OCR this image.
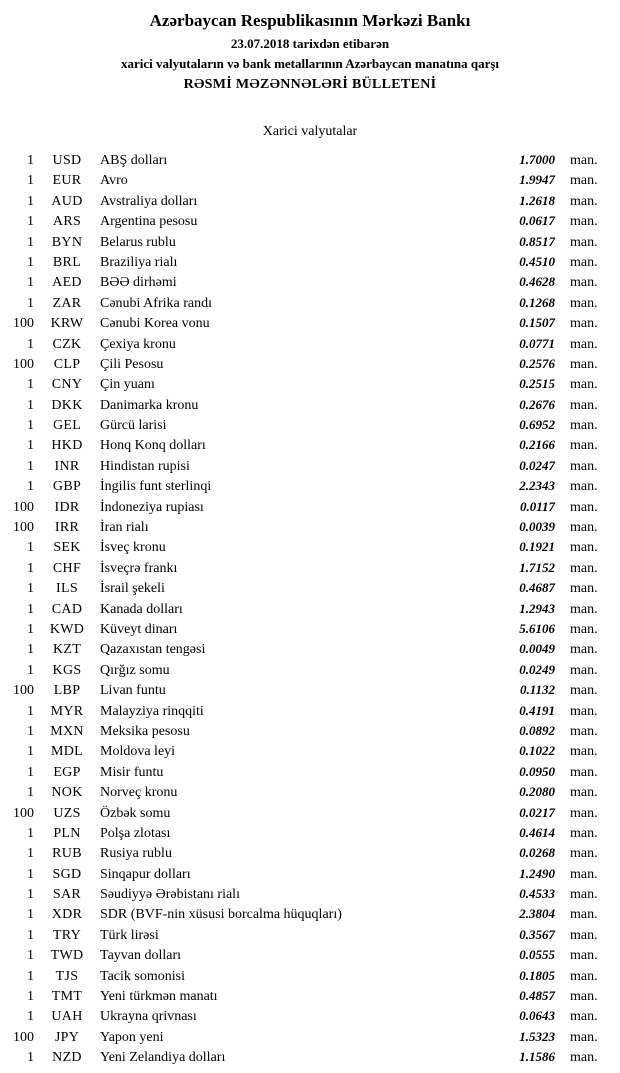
Azərbaycan Respublikasının Mərkəzi Bankı
23.07.2018 tarixdən etibarən
xarici valyutaların və bank metallarının Azərbaycan manatına qarşı
RƏSMİ MƏZƏNNƏLƏRİ BÜLLETENİ
Xarici valyutalar
1	USD	ABŞ dolları	1.7000	man.
1	EUR	Avro	1.9947	man.
1	AUD	Avstraliya dolları	1.2618	man.
1	ARS	Argentina pesosu	0.0617	man.
1	BYN	Belarus rublu	0.8517	man.
1	BRL	Braziliya rialı	0.4510	man.
1	AED	BƏƏ dirhəmi	0.4628	man.
1	ZAR	Cənubi Afrika randı	0.1268	man.
100	KRW	Cənubi Korea vonu	0.1507	man.
1	CZK	Çexiya kronu	0.0771	man.
100	CLP	Çili Pesosu	0.2576	man.
1	CNY	Çin yuanı	0.2515	man.
1	DKK	Danimarka kronu	0.2676	man.
1	GEL	Gürcü larisi	0.6952	man.
1	HKD	Honq Konq dolları	0.2166	man.
1	INR	Hindistan rupisi	0.0247	man.
1	GBP	İngilis funt sterlinqi	2.2343	man.
100	IDR	İndoneziya rupiası	0.0117	man.
100	IRR	İran rialı	0.0039	man.
1	SEK	İsveç kronu	0.1921	man.
1	CHF	İsveçrə frankı	1.7152	man.
1	ILS	İsrail şekeli	0.4687	man.
1	CAD	Kanada dolları	1.2943	man.
1	KWD	Küveyt dinarı	5.6106	man.
1	KZT	Qazaxıstan tengəsi	0.0049	man.
1	KGS	Qırğız somu	0.0249	man.
100	LBP	Livan funtu	0.1132	man.
1	MYR	Malayziya rinqqiti	0.4191	man.
1	MXN	Meksika pesosu	0.0892	man.
1	MDL	Moldova leyi	0.1022	man.
1	EGP	Misir funtu	0.0950	man.
1	NOK	Norveç kronu	0.2080	man.
100	UZS	Özbək somu	0.0217	man.
1	PLN	Polşa zlotası	0.4614	man.
1	RUB	Rusiya rublu	0.0268	man.
1	SGD	Sinqapur dolları	1.2490	man.
1	SAR	Səudiyyə Ərəbistanı rialı	0.4533	man.
1	XDR	SDR (BVF-nin xüsusi borcalma hüquqları)	2.3804	man.
1	TRY	Türk lirəsi	0.3567	man.
1	TWD	Tayvan dolları	0.0555	man.
1	TJS	Tacik somonisi	0.1805	man.
1	TMT	Yeni türkmən manatı	0.4857	man.
1	UAH	Ukrayna qrivnası	0.0643	man.
100	JPY	Yapon yeni	1.5323	man.
1	NZD	Yeni Zelandiya dolları	1.1586	man.
